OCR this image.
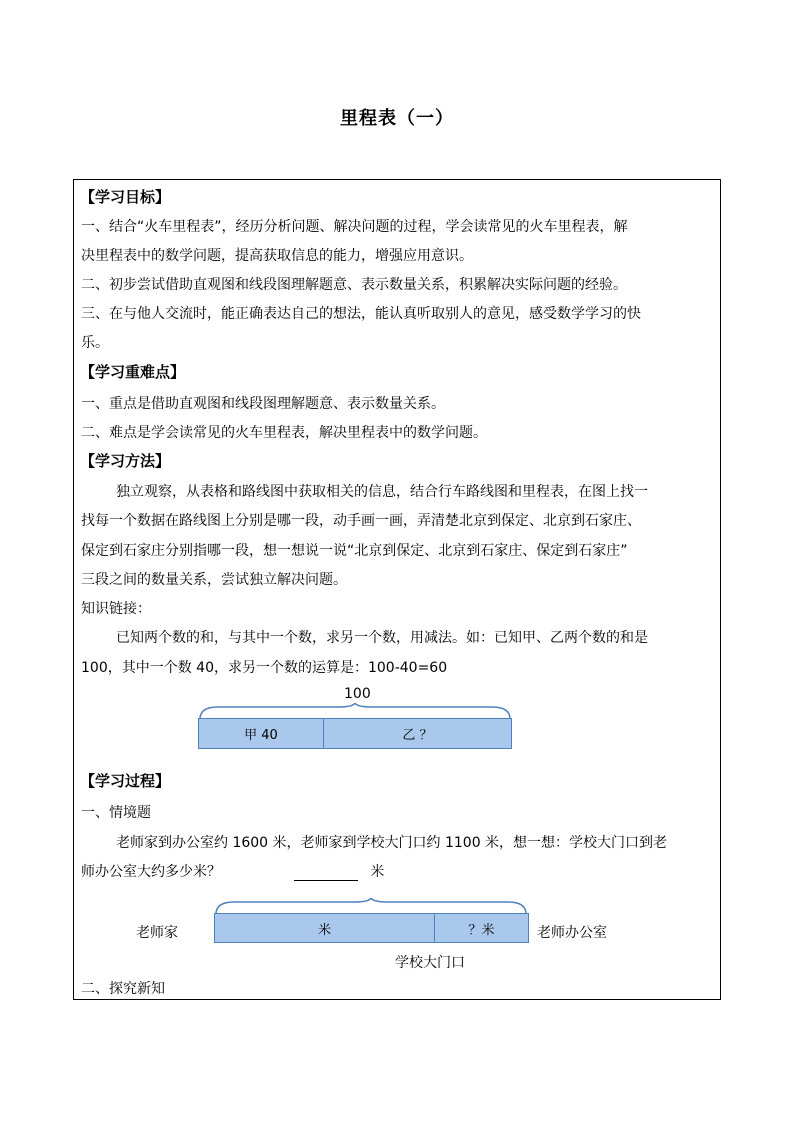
里程表（一）
【学习目标】
一、结合“火车里程表”，经历分析问题、解决问题的过程，学会读常见的火车里程表，解
决里程表中的数学问题，提高获取信息的能力，增强应用意识。
二、初步尝试借助直观图和线段图理解题意、表示数量关系，积累解决实际问题的经验。
三、在与他人交流时，能正确表达自己的想法，能认真听取别人的意见，感受数学学习的快
乐。
【学习重难点】
一、重点是借助直观图和线段图理解题意、表示数量关系。
二、难点是学会读常见的火车里程表，解决里程表中的数学问题。
【学习方法】
独立观察，从表格和路线图中获取相关的信息，结合行车路线图和里程表，在图上找一
找每一个数据在路线图上分别是哪一段，动手画一画，弄清楚北京到保定、北京到石家庄、
保定到石家庄分别指哪一段，想一想说一说“北京到保定、北京到石家庄、保定到石家庄”
三段之间的数量关系，尝试独立解决问题。
知识链接：
已知两个数的和，与其中一个数，求另一个数，用减法。如：已知甲、乙两个数的和是
100，其中一个数 40，求另一个数的运算是：100-40=60
100
甲 40	乙 ？
【学习过程】
一、情境题
老师家到办公室约 1600 米，老师家到学校大门口约 1100 米，想一想：学校大门口到老
师办公室大约多少米？	米
老师家	米	？米	老师办公室
学校大门口
二、探究新知
